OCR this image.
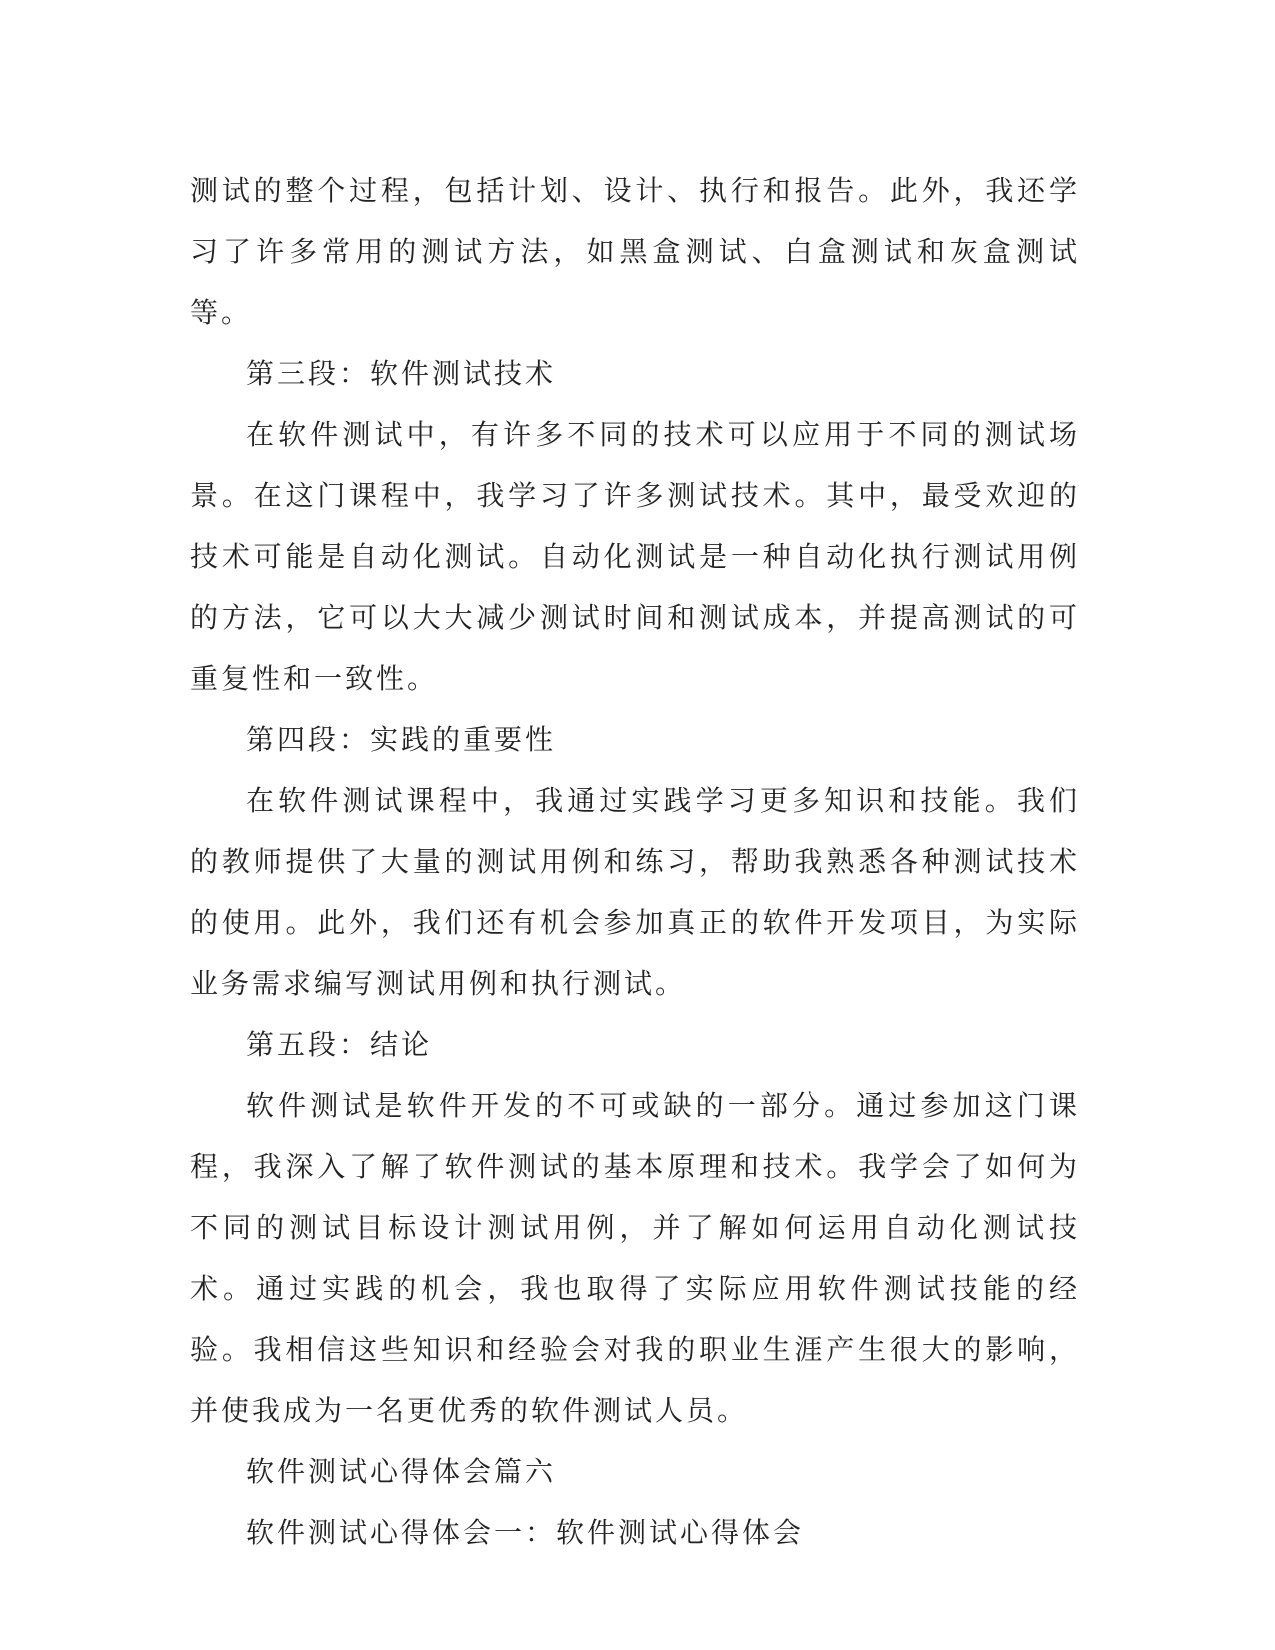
测试的整个过程，包括计划、设计、执行和报告。此外，我还学习了许多常用的测试方法，如黑盒测试、白盒测试和灰盒测试等。

第三段：软件测试技术

在软件测试中，有许多不同的技术可以应用于不同的测试场景。在这门课程中，我学习了许多测试技术。其中，最受欢迎的技术可能是自动化测试。自动化测试是一种自动化执行测试用例的方法，它可以大大减少测试时间和测试成本，并提高测试的可重复性和一致性。

第四段：实践的重要性

在软件测试课程中，我通过实践学习更多知识和技能。我们的教师提供了大量的测试用例和练习，帮助我熟悉各种测试技术的使用。此外，我们还有机会参加真正的软件开发项目，为实际业务需求编写测试用例和执行测试。

第五段：结论

软件测试是软件开发的不可或缺的一部分。通过参加这门课程，我深入了解了软件测试的基本原理和技术。我学会了如何为不同的测试目标设计测试用例，并了解如何运用自动化测试技术。通过实践的机会，我也取得了实际应用软件测试技能的经验。我相信这些知识和经验会对我的职业生涯产生很大的影响，并使我成为一名更优秀的软件测试人员。

软件测试心得体会篇六

软件测试心得体会一：软件测试心得体会
